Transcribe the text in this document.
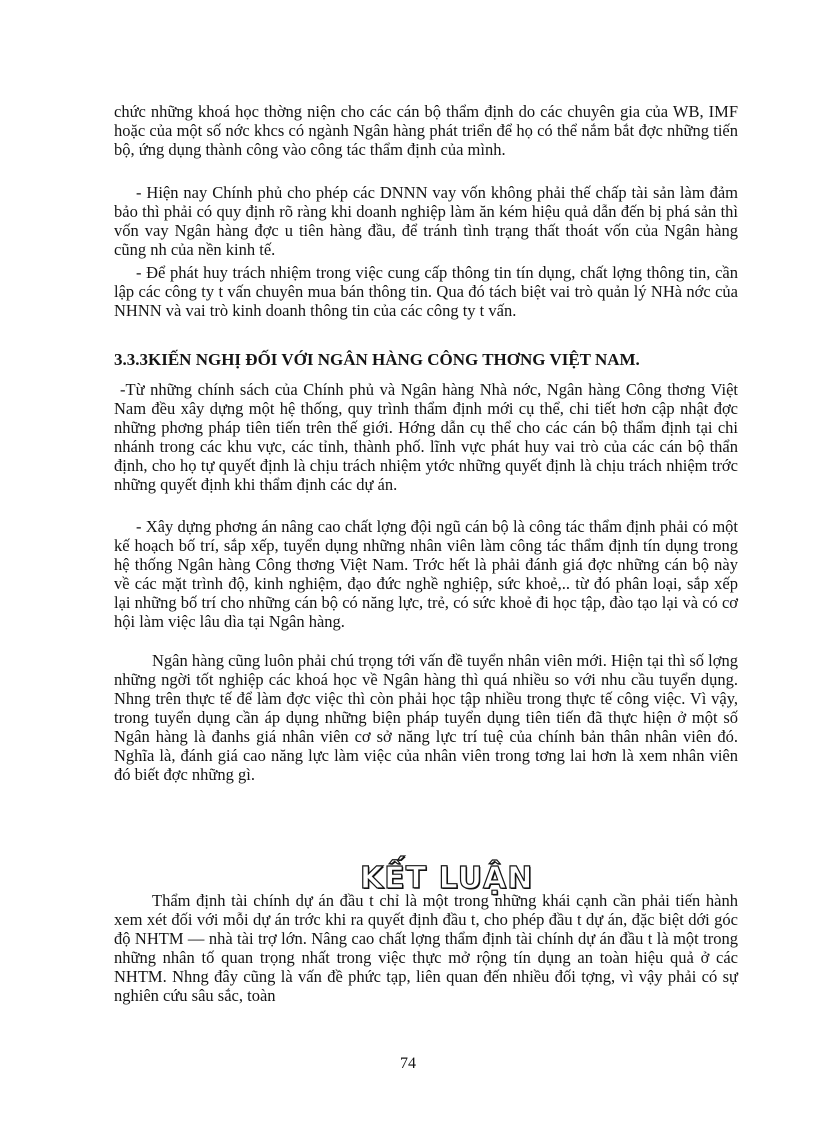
chức những khoá học thờng niện cho các cán bộ thẩm định do các chuyên gia của WB, IMF hoặc của một số nớc khcs có ngành Ngân hàng phát triển để họ có thể nắm bắt đợc những tiến bộ, ứng dụng thành công vào công tác thẩm định của mình.

- Hiện nay Chính phủ cho phép các DNNN vay vốn không phải thế chấp tài sản làm đảm bảo thì phải có quy định rõ ràng khi doanh nghiệp làm ăn kém hiệu quả dẫn đến bị phá sản thì vốn vay Ngân hàng đợc u tiên hàng đầu, để tránh tình trạng thất thoát vốn của Ngân hàng cũng nh của nền kinh tế.

- Để phát huy trách nhiệm trong việc cung cấp thông tin tín dụng, chất lợng thông tin, cần lập các công ty t vấn chuyên mua bán thông tin. Qua đó tách biệt vai trò quản lý NHà nớc của NHNN và vai trò kinh doanh thông tin của các công ty t vấn.

3.3.3KIẾN NGHỊ ĐỐI VỚI NGÂN HÀNG CÔNG THƠNG VIỆT NAM.

-Từ những chính sách của Chính phủ và Ngân hàng Nhà nớc, Ngân hàng Công thơng Việt Nam đều xây dựng một hệ thống, quy trình thẩm định mới cụ thể, chi tiết hơn cập nhật đợc những phơng pháp tiên tiến trên thế giới. Hớng dẫn cụ thể cho các cán bộ thẩm định tại chi nhánh trong các khu vực, các tỉnh, thành phố. lĩnh vực phát huy vai trò của các cán bộ thẩn định, cho họ tự quyết định là chịu trách nhiệm ytớc những quyết định là chịu trách nhiệm trớc những quyết định khi thẩm định các dự án.

- Xây dựng phơng án nâng cao chất lợng đội ngũ cán bộ là công tác thẩm định phải có một kế hoạch bố trí, sắp xếp, tuyển dụng những nhân viên làm công tác thẩm định tín dụng trong hệ thống Ngân hàng Công thơng Việt Nam. Trớc hết là phải đánh giá đợc những cán bộ này về các mặt trình độ, kinh nghiệm, đạo đức nghề nghiệp, sức khoẻ,.. từ đó phân loại, sắp xếp lại những bố trí cho những cán bộ có năng lực, trẻ, có sức khoẻ đi học tập, đào tạo lại và có cơ hội làm việc lâu dìa tại Ngân hàng.

Ngân hàng cũng luôn phải chú trọng tới vấn đề tuyển nhân viên mới. Hiện tại thì số lợng những ngời tốt nghiệp các khoá học về Ngân hàng thì quá nhiều so với nhu cầu tuyển dụng. Nhng trên thực tế để làm đợc việc thì còn phải học tập nhiều trong thực tế công việc. Vì vậy, trong tuyển dụng cần áp dụng những biện pháp tuyển dụng tiên tiến đã thực hiện ở một số Ngân hàng là đanhs giá nhân viên cơ sở năng lực trí tuệ của chính bản thân nhân viên đó. Nghĩa là, đánh giá cao năng lực làm việc của nhân viên trong tơng lai hơn là xem nhân viên đó biết đợc những gì.

KẾT LUẬN

Thẩm định tài chính dự án đầu t chỉ là một trong những khái cạnh cần phải tiến hành xem xét đối với mỗi dự án trớc khi ra quyết định đầu t, cho phép đầu t dự án, đặc biệt dới góc độ NHTM — nhà tài trợ lớn. Nâng cao chất lợng thẩm định tài chính dự án đầu t là một trong những nhân tố quan trọng nhất trong việc thực mở rộng tín dụng an toàn hiệu quả ở các NHTM. Nhng đây cũng là vấn đề phức tạp, liên quan đến nhiều đối tợng, vì vậy phải có sự nghiên cứu sâu sắc, toàn

74
